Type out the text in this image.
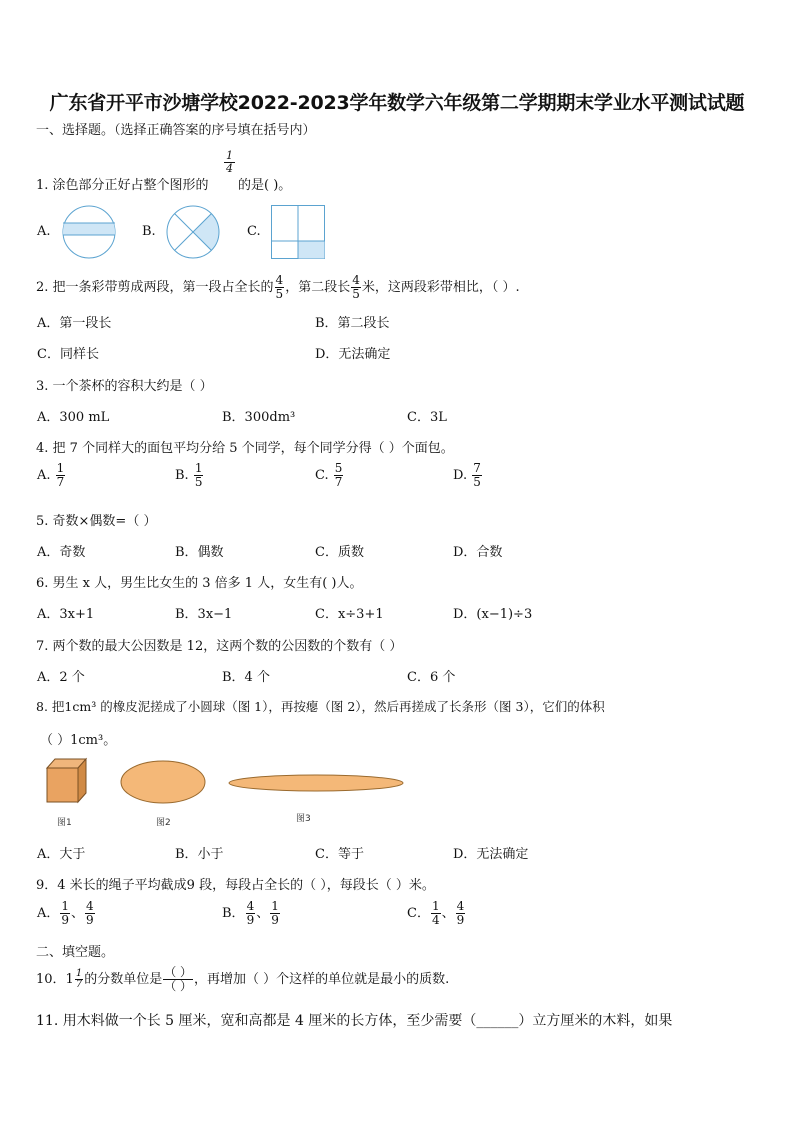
广东省开平市沙塘学校2022-2023学年数学六年级第二学期期末学业水平测试试题
一、选择题。（选择正确答案的序号填在括号内）
1. 涂色部分正好占整个图形的
$\frac{1}{4}$
的是( )。
A.	B.	C.
2. 把一条彩带剪成两段，第一段占全长的 $\frac{4}{5}$ ，第二段长 $\frac{4}{5}$ 米，这两段彩带相比，（ ）.
A．第一段长	B．第二段长
C．同样长	D．无法确定
3. 一个茶杯的容积大约是（ ）
A．300 mL	B．300dm³	C．3L
4. 把 7 个同样大的面包平均分给 5 个同学，每个同学分得（ ）个面包。
A. $\frac{1}{7}$	B. $\frac{1}{5}$	C. $\frac{5}{7}$	D. $\frac{7}{5}$
5. 奇数×偶数=（ ）
A．奇数	B．偶数	C．质数	D．合数
6. 男生 x 人，男生比女生的 3 倍多 1 人，女生有( )人。
A．3x+1	B．3x−1	C．x÷3+1	D．(x−1)÷3
7. 两个数的最大公因数是 12，这两个数的公因数的个数有（ ）
A．2 个	B．4 个	C．6 个
8. 把1cm³ 的橡皮泥搓成了小圆球（图 1），再按瘪（图 2），然后再搓成了长条形（图 3），它们的体积
（ ）1cm³。
图1	图2	图3
A．大于	B．小于	C．等于	D．无法确定
9．4 米长的绳子平均截成9 段，每段占全长的（ ），每段长（ ）米。
A． $\frac{1}{9}$ 、 $\frac{4}{9}$	B． $\frac{4}{9}$ 、 $\frac{1}{9}$	C． $\frac{1}{4}$ 、 $\frac{4}{9}$
二、填空题。
10．$1 \frac{1}{7}$ 的分数单位是 $\frac{( )}{( )}$ ，再增加（ ）个这样的单位就是最小的质数.
11. 用木料做一个长 5 厘米，宽和高都是 4 厘米的长方体，至少需要（______）立方厘米的木料，如果
